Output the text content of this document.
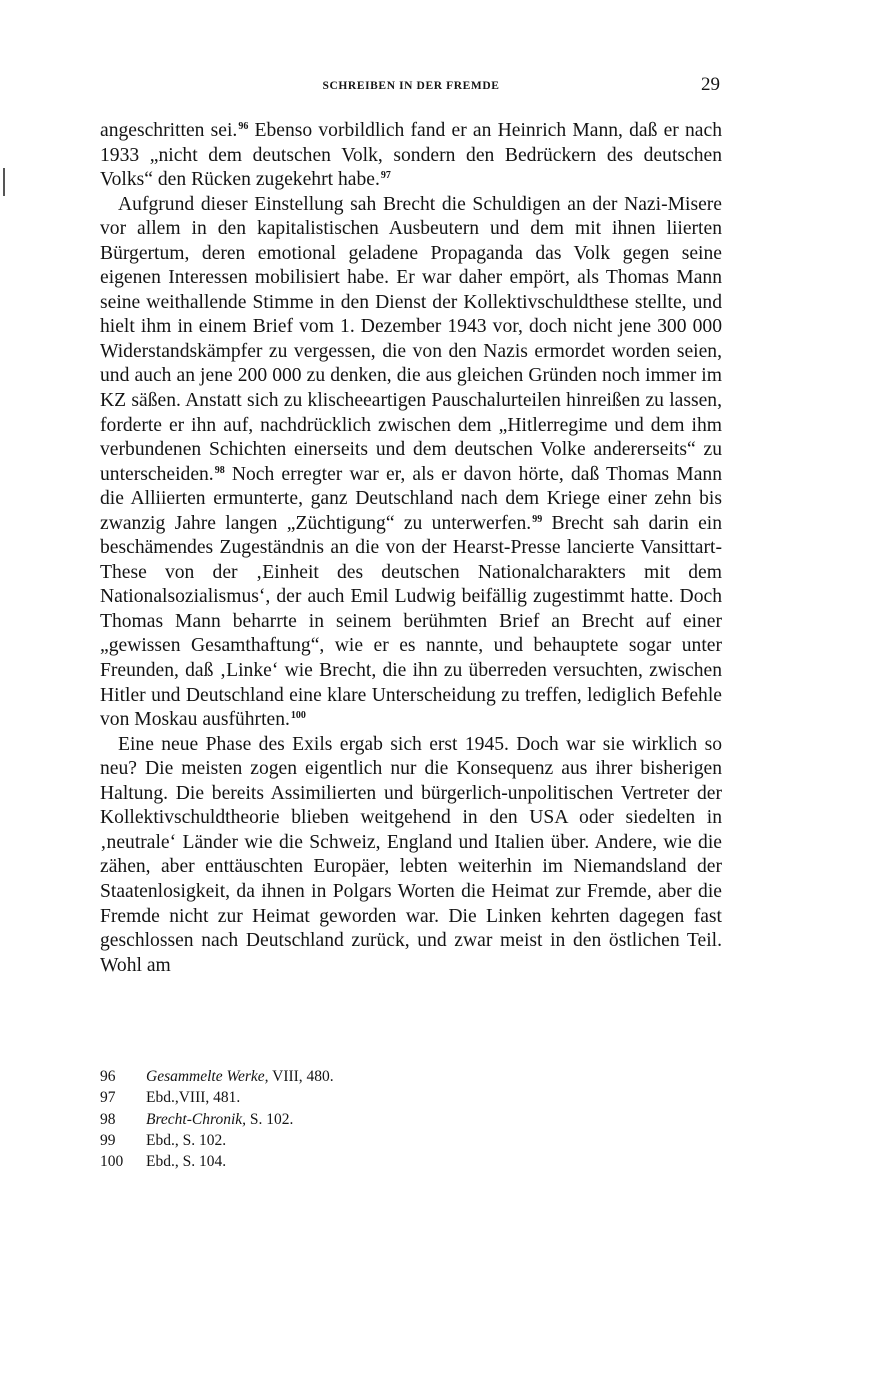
SCHREIBEN IN DER FREMDE	29

angeschritten sei.$^{96}$ Ebenso vorbildlich fand er an Heinrich Mann, daß er nach 1933 „nicht dem deutschen Volk, sondern den Bedrückern des deutschen Volks“ den Rücken zugekehrt habe.$^{97}$

Aufgrund dieser Einstellung sah Brecht die Schuldigen an der Nazi-Misere vor allem in den kapitalistischen Ausbeutern und dem mit ihnen liierten Bürgertum, deren emotional geladene Propaganda das Volk gegen seine eigenen Interessen mobilisiert habe. Er war daher empört, als Thomas Mann seine weithallende Stimme in den Dienst der Kollektivschuldthese stellte, und hielt ihm in einem Brief vom 1. Dezember 1943 vor, doch nicht jene 300 000 Widerstandskämpfer zu vergessen, die von den Nazis ermordet worden seien, und auch an jene 200 000 zu denken, die aus gleichen Gründen noch immer im KZ säßen. Anstatt sich zu klischeeartigen Pauschalurteilen hinreißen zu lassen, forderte er ihn auf, nachdrücklich zwischen dem „Hitlerregime und dem ihm verbundenen Schichten einerseits und dem deutschen Volke andererseits“ zu unterscheiden.$^{98}$ Noch erregter war er, als er davon hörte, daß Thomas Mann die Alliierten ermunterte, ganz Deutschland nach dem Kriege einer zehn bis zwanzig Jahre langen „Züchtigung“ zu unterwerfen.$^{99}$ Brecht sah darin ein beschämendes Zugeständnis an die von der Hearst-Presse lancierte Vansittart-These von der ‚Einheit des deutschen Nationalcharakters mit dem Nationalsozialismus‘, der auch Emil Ludwig beifällig zugestimmt hatte. Doch Thomas Mann beharrte in seinem berühmten Brief an Brecht auf einer „gewissen Gesamthaftung“, wie er es nannte, und behauptete sogar unter Freunden, daß ‚Linke‘ wie Brecht, die ihn zu überreden versuchten, zwischen Hitler und Deutschland eine klare Unterscheidung zu treffen, lediglich Befehle von Moskau ausführten.$^{100}$

Eine neue Phase des Exils ergab sich erst 1945. Doch war sie wirklich so neu? Die meisten zogen eigentlich nur die Konsequenz aus ihrer bisherigen Haltung. Die bereits Assimilierten und bürgerlich-unpolitischen Vertreter der Kollektivschuldtheorie blieben weitgehend in den USA oder siedelten in ‚neutrale‘ Länder wie die Schweiz, England und Italien über. Andere, wie die zähen, aber enttäuschten Europäer, lebten weiterhin im Niemandsland der Staatenlosigkeit, da ihnen in Polgars Worten die Heimat zur Fremde, aber die Fremde nicht zur Heimat geworden war. Die Linken kehrten dagegen fast geschlossen nach Deutschland zurück, und zwar meist in den östlichen Teil. Wohl am

96	Gesammelte Werke, VIII, 480.
97	Ebd.,VIII, 481.
98	Brecht-Chronik, S. 102.
99	Ebd., S. 102.
100	Ebd., S. 104.
